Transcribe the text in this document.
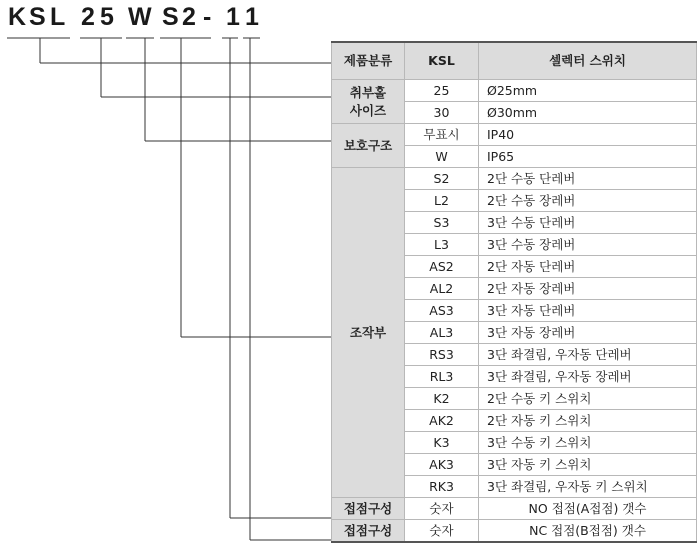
K S L 2 5 W S 2 - 1 1
제품분류	KSL	셀렉터 스위치
취부홀
사이즈	25	Ø25mm
	30	Ø30mm
보호구조	무표시	IP40
	W	IP65
조작부	S2	2단 수동 단레버
	L2	2단 수동 장레버
	S3	3단 수동 단레버
	L3	3단 수동 장레버
	AS2	2단 자동 단레버
	AL2	2단 자동 장레버
	AS3	3단 자동 단레버
	AL3	3단 자동 장레버
	RS3	3단 좌결림, 우자동 단레버
	RL3	3단 좌결림, 우자동 장레버
	K2	2단 수동 키 스위치
	AK2	2단 자동 키 스위치
	K3	3단 수동 키 스위치
	AK3	3단 자동 키 스위치
	RK3	3단 좌결림, 우자동 키 스위치
접점구성	숫자	NO 접점(A접점) 갯수
접점구성	숫자	NC 접점(B접점) 갯수
